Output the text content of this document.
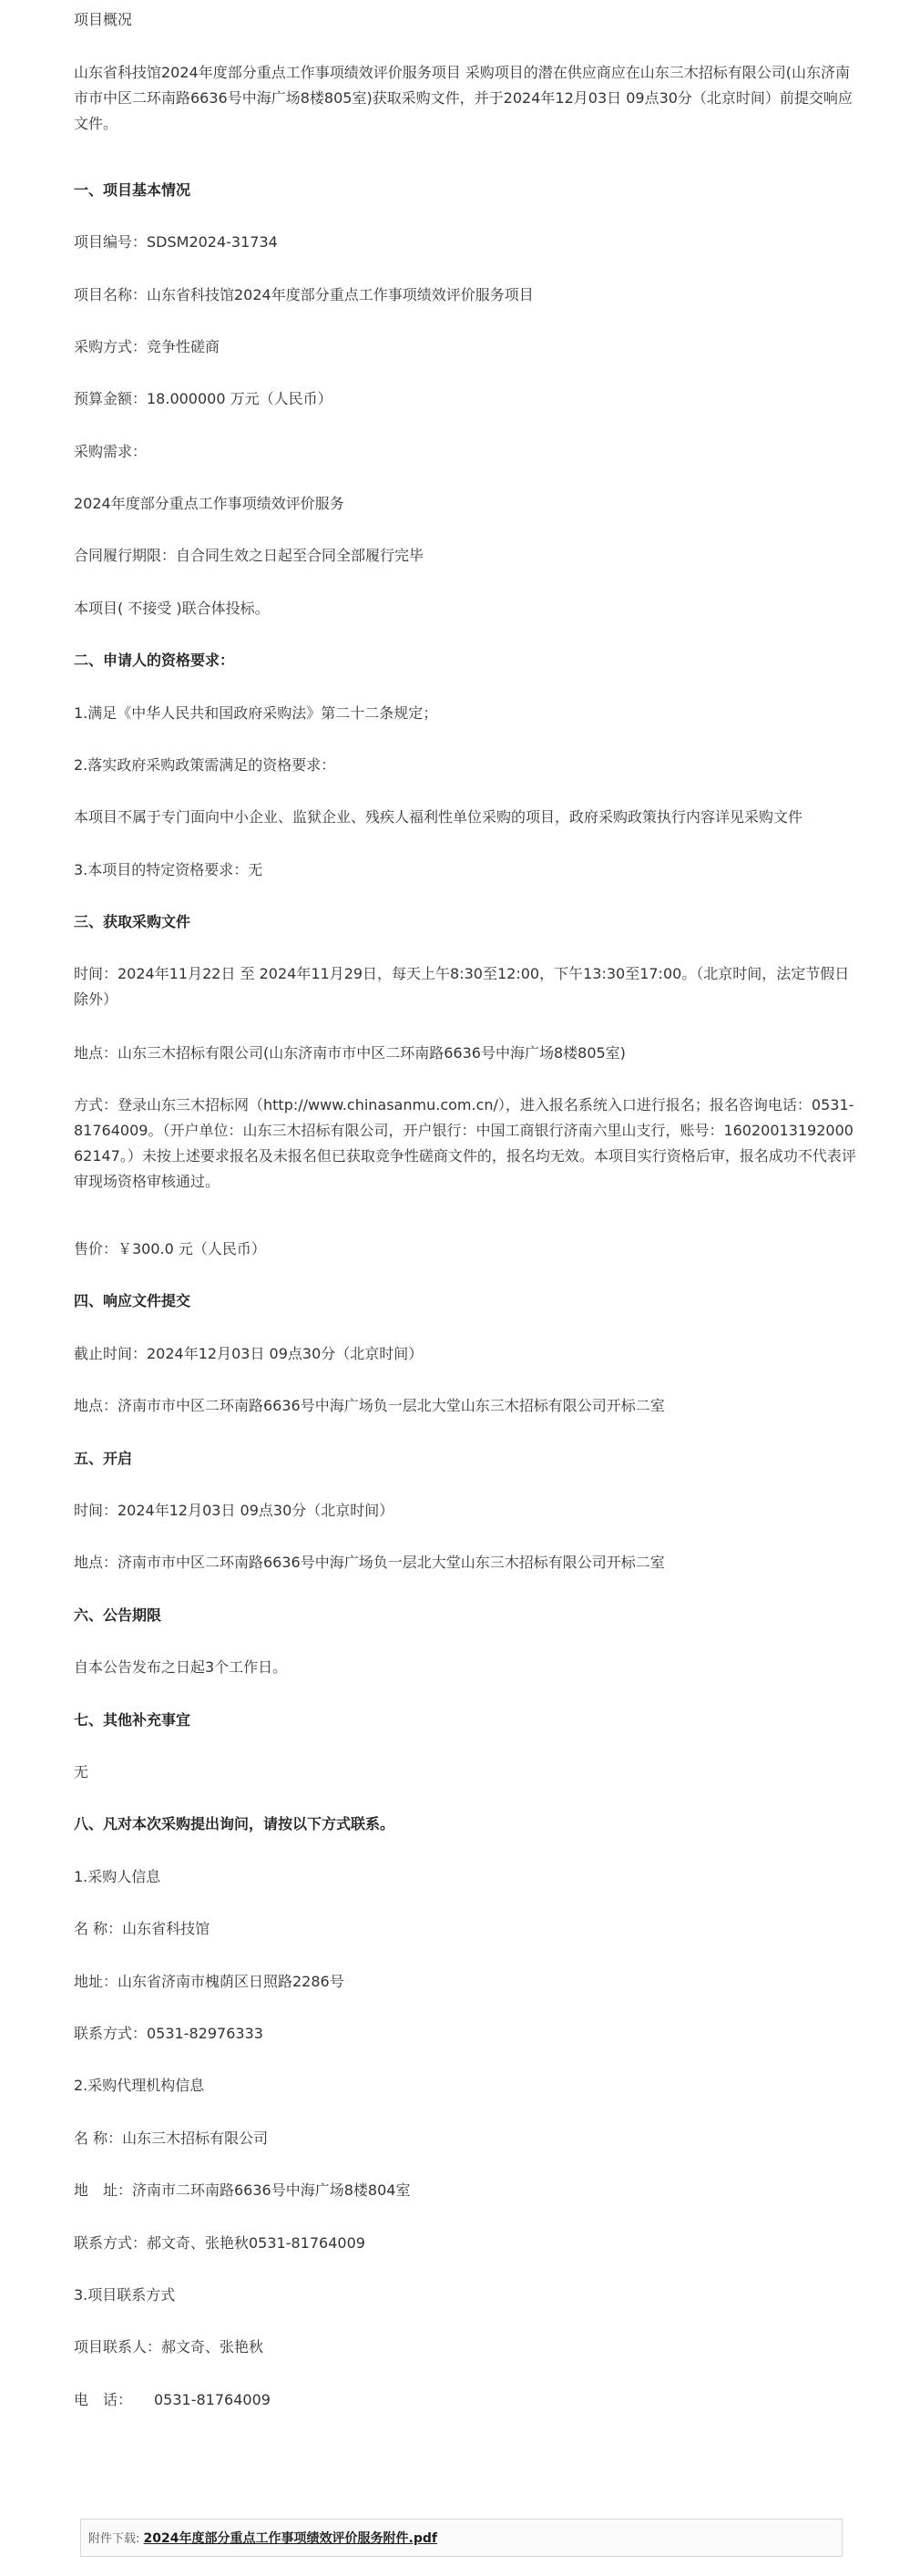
项目概况

山东省科技馆2024年度部分重点工作事项绩效评价服务项目 采购项目的潜在供应商应在山东三木招标有限公司(山东济南市市中区二环南路6636号中海广场8楼805室)获取采购文件，并于2024年12月03日 09点30分（北京时间）前提交响应文件。

一、项目基本情况

项目编号：SDSM2024-31734

项目名称：山东省科技馆2024年度部分重点工作事项绩效评价服务项目

采购方式：竞争性磋商

预算金额：18.000000 万元（人民币）

采购需求：

2024年度部分重点工作事项绩效评价服务

合同履行期限：自合同生效之日起至合同全部履行完毕

本项目( 不接受 )联合体投标。

二、申请人的资格要求：

1.满足《中华人民共和国政府采购法》第二十二条规定；

2.落实政府采购政策需满足的资格要求：

本项目不属于专门面向中小企业、监狱企业、残疾人福利性单位采购的项目，政府采购政策执行内容详见采购文件

3.本项目的特定资格要求：无

三、获取采购文件

时间：2024年11月22日 至 2024年11月29日，每天上午8:30至12:00，下午13:30至17:00。（北京时间，法定节假日除外）

地点：山东三木招标有限公司(山东济南市市中区二环南路6636号中海广场8楼805室)

方式：登录山东三木招标网（http://www.chinasanmu.com.cn/），进入报名系统入口进行报名；报名咨询电话：0531-81764009。（开户单位：山东三木招标有限公司，开户银行：中国工商银行济南六里山支行，账号：1602001319200062147。）未按上述要求报名及未报名但已获取竞争性磋商文件的，报名均无效。本项目实行资格后审，报名成功不代表评审现场资格审核通过。

售价：￥300.0 元（人民币）

四、响应文件提交

截止时间：2024年12月03日 09点30分（北京时间）

地点：济南市市中区二环南路6636号中海广场负一层北大堂山东三木招标有限公司开标二室

五、开启

时间：2024年12月03日 09点30分（北京时间）

地点：济南市市中区二环南路6636号中海广场负一层北大堂山东三木招标有限公司开标二室

六、公告期限

自本公告发布之日起3个工作日。

七、其他补充事宜

无

八、凡对本次采购提出询问，请按以下方式联系。

1.采购人信息

名 称：山东省科技馆

地址：山东省济南市槐荫区日照路2286号

联系方式：0531-82976333

2.采购代理机构信息

名 称：山东三木招标有限公司

地　址：济南市二环南路6636号中海广场8楼804室

联系方式：郝文奇、张艳秋0531-81764009

3.项目联系方式

项目联系人：郝文奇、张艳秋

电　话：　　0531-81764009

附件下载: 2024年度部分重点工作事项绩效评价服务附件.pdf
